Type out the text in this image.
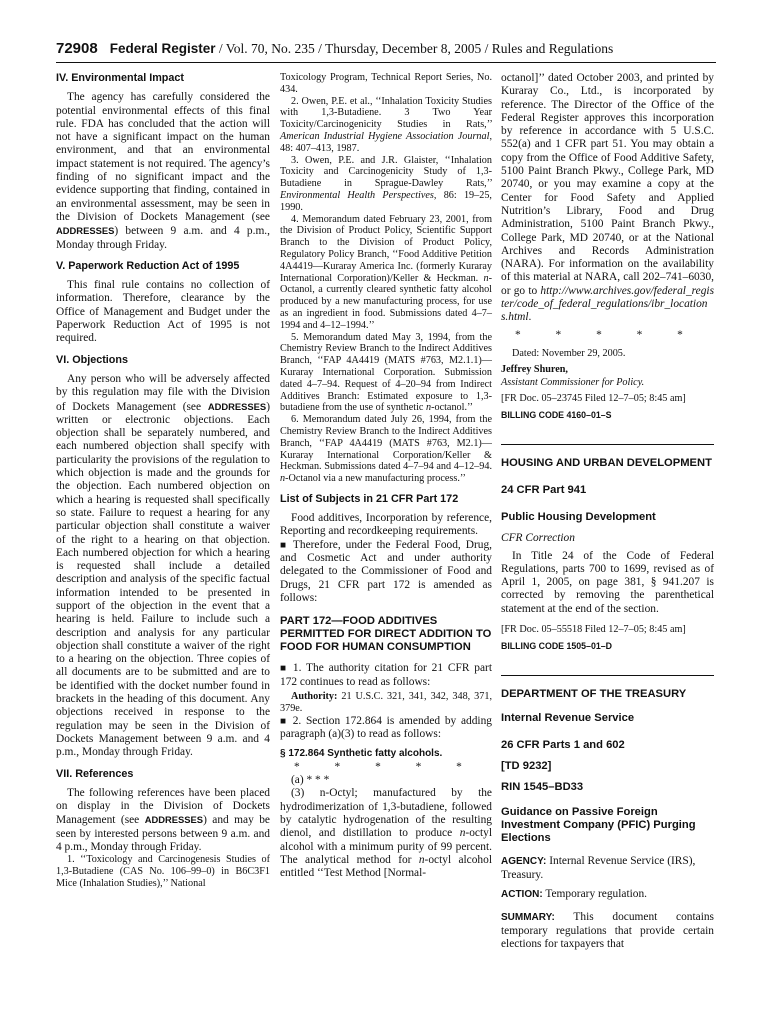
72908 Federal Register / Vol. 70, No. 235 / Thursday, December 8, 2005 / Rules and Regulations

IV. Environmental Impact

The agency has carefully considered the potential environmental effects of this final rule. FDA has concluded that the action will not have a significant impact on the human environment, and that an environmental impact statement is not required. The agency’s finding of no significant impact and the evidence supporting that finding, contained in an environmental assessment, may be seen in the Division of Dockets Management (see ADDRESSES) between 9 a.m. and 4 p.m., Monday through Friday.

V. Paperwork Reduction Act of 1995

This final rule contains no collection of information. Therefore, clearance by the Office of Management and Budget under the Paperwork Reduction Act of 1995 is not required.

VI. Objections

Any person who will be adversely affected by this regulation may file with the Division of Dockets Management (see ADDRESSES) written or electronic objections. Each objection shall be separately numbered, and each numbered objection shall specify with particularity the provisions of the regulation to which objection is made and the grounds for the objection. Each numbered objection on which a hearing is requested shall specifically so state. Failure to request a hearing for any particular objection shall constitute a waiver of the right to a hearing on that objection. Each numbered objection for which a hearing is requested shall include a detailed description and analysis of the specific factual information intended to be presented in support of the objection in the event that a hearing is held. Failure to include such a description and analysis for any particular objection shall constitute a waiver of the right to a hearing on the objection. Three copies of all documents are to be submitted and are to be identified with the docket number found in brackets in the heading of this document. Any objections received in response to the regulation may be seen in the Division of Dockets Management between 9 a.m. and 4 p.m., Monday through Friday.

VII. References

The following references have been placed on display in the Division of Dockets Management (see ADDRESSES) and may be seen by interested persons between 9 a.m. and 4 p.m., Monday through Friday.

1. ‘‘Toxicology and Carcinogenesis Studies of 1,3-Butadiene (CAS No. 106–99–0) in B6C3F1 Mice (Inhalation Studies),’’ National

Toxicology Program, Technical Report Series, No. 434.

2. Owen, P.E. et al., ‘‘Inhalation Toxicity Studies with 1,3-Butadiene. 3 Two Year Toxicity/Carcinogenicity Studies in Rats,’’ American Industrial Hygiene Association Journal, 48: 407–413, 1987.

3. Owen, P.E. and J.R. Glaister, ‘‘Inhalation Toxicity and Carcinogenicity Study of 1,3-Butadiene in Sprague-Dawley Rats,’’ Environmental Health Perspectives, 86: 19–25, 1990.

4. Memorandum dated February 23, 2001, from the Division of Product Policy, Scientific Support Branch to the Division of Product Policy, Regulatory Policy Branch, ‘‘Food Additive Petition 4A4419—Kuraray America Inc. (formerly Kuraray International Corporation)/Keller & Heckman. n-Octanol, a currently cleared synthetic fatty alcohol produced by a new manufacturing process, for use as an ingredient in food. Submissions dated 4–7–1994 and 4–12–1994.’’

5. Memorandum dated May 3, 1994, from the Chemistry Review Branch to the Indirect Additives Branch, ‘‘FAP 4A4419 (MATS #763, M2.1.1)—Kuraray International Corporation. Submission dated 4–7–94. Request of 4–20–94 from Indirect Additives Branch: Estimated exposure to 1,3-butadiene from the use of synthetic n-octanol.’’

6. Memorandum dated July 26, 1994, from the Chemistry Review Branch to the Indirect Additives Branch, ‘‘FAP 4A4419 (MATS #763, M2.1)—Kuraray International Corporation/Keller & Heckman. Submissions dated 4–7–94 and 4–12–94. n-Octanol via a new manufacturing process.’’

List of Subjects in 21 CFR Part 172

Food additives, Incorporation by reference, Reporting and recordkeeping requirements.

■ Therefore, under the Federal Food, Drug, and Cosmetic Act and under authority delegated to the Commissioner of Food and Drugs, 21 CFR part 172 is amended as follows:

PART 172—FOOD ADDITIVES PERMITTED FOR DIRECT ADDITION TO FOOD FOR HUMAN CONSUMPTION

■ 1. The authority citation for 21 CFR part 172 continues to read as follows:

Authority: 21 U.S.C. 321, 341, 342, 348, 371, 379e.

■ 2. Section 172.864 is amended by adding paragraph (a)(3) to read as follows:

§ 172.864 Synthetic fatty alcohols.

* * * * *

(a) * * *

(3) n-Octyl; manufactured by the hydrodimerization of 1,3-butadiene, followed by catalytic hydrogenation of the resulting dienol, and distillation to produce n-octyl alcohol with a minimum purity of 99 percent. The analytical method for n-octyl alcohol entitled ‘‘Test Method [Normal-

octanol]’’ dated October 2003, and printed by Kuraray Co., Ltd., is incorporated by reference. The Director of the Office of the Federal Register approves this incorporation by reference in accordance with 5 U.S.C. 552(a) and 1 CFR part 51. You may obtain a copy from the Office of Food Additive Safety, 5100 Paint Branch Pkwy., College Park, MD 20740, or you may examine a copy at the Center for Food Safety and Applied Nutrition’s Library, Food and Drug Administration, 5100 Paint Branch Pkwy., College Park, MD 20740, or at the National Archives and Records Administration (NARA). For information on the availability of this material at NARA, call 202–741–6030, or go to http://www.archives.gov/federal_register/code_of_federal_regulations/ibr_locations.html.

* * * * *

Dated: November 29, 2005.

Jeffrey Shuren,

Assistant Commissioner for Policy.

[FR Doc. 05–23745 Filed 12–7–05; 8:45 am]

BILLING CODE 4160–01–S

HOUSING AND URBAN DEVELOPMENT

24 CFR Part 941

Public Housing Development

CFR Correction

In Title 24 of the Code of Federal Regulations, parts 700 to 1699, revised as of April 1, 2005, on page 381, § 941.207 is corrected by removing the parenthetical statement at the end of the section.

[FR Doc. 05–55518 Filed 12–7–05; 8:45 am]

BILLING CODE 1505–01–D

DEPARTMENT OF THE TREASURY

Internal Revenue Service

26 CFR Parts 1 and 602

[TD 9232]

RIN 1545–BD33

Guidance on Passive Foreign Investment Company (PFIC) Purging Elections

AGENCY: Internal Revenue Service (IRS), Treasury.

ACTION: Temporary regulation.

SUMMARY: This document contains temporary regulations that provide certain elections for taxpayers that
